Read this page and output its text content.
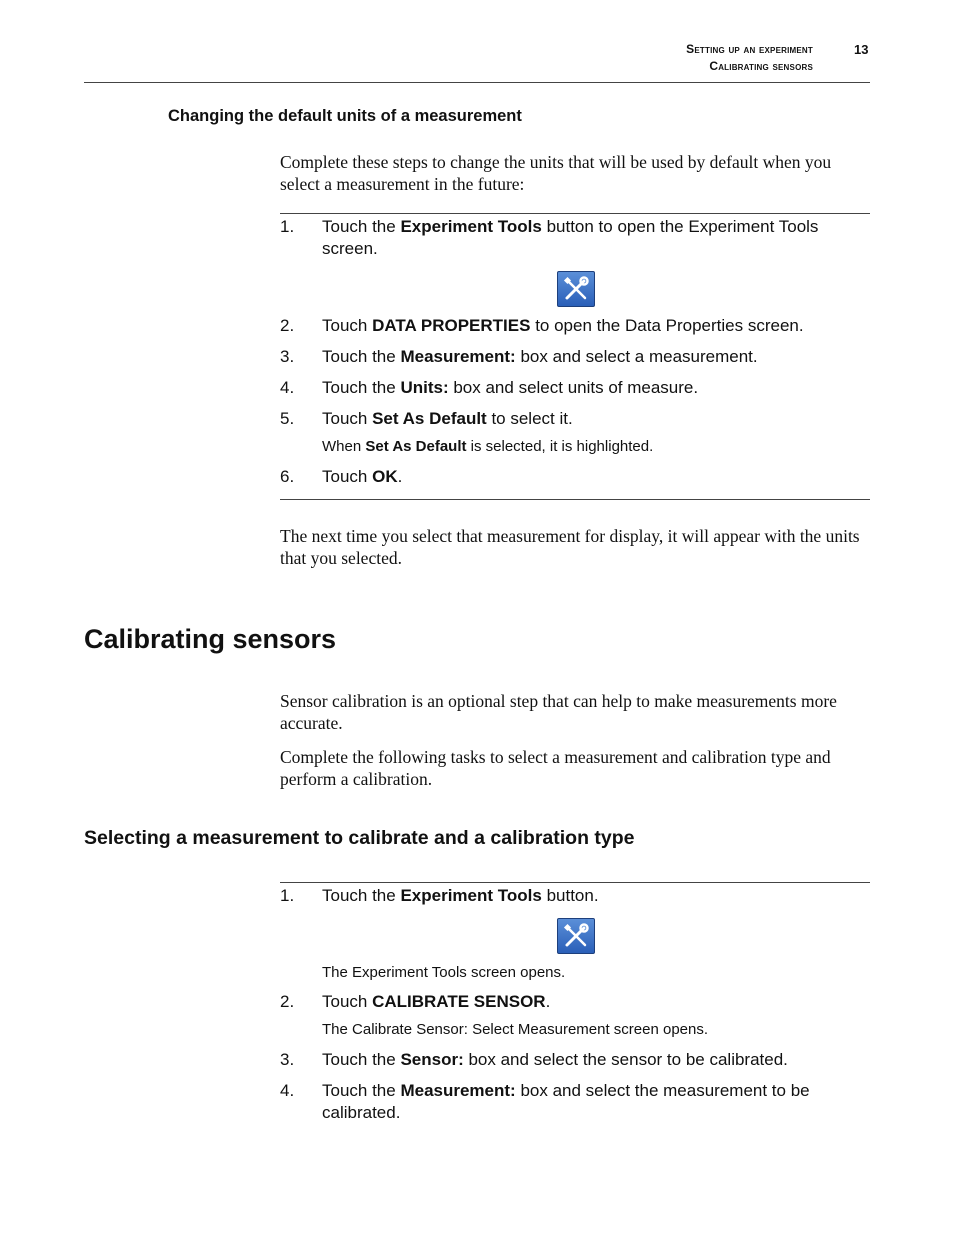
Setting up an experiment
Calibrating sensors
13
Changing the default units of a measurement
Complete these steps to change the units that will be used by default when you select a measurement in the future:
1. Touch the Experiment Tools button to open the Experiment Tools screen.
2. Touch DATA PROPERTIES to open the Data Properties screen.
3. Touch the Measurement: box and select a measurement.
4. Touch the Units: box and select units of measure.
5. Touch Set As Default to select it.
When Set As Default is selected, it is highlighted.
6. Touch OK.
The next time you select that measurement for display, it will appear with the units that you selected.
Calibrating sensors
Sensor calibration is an optional step that can help to make measurements more accurate.
Complete the following tasks to select a measurement and calibration type and perform a calibration.
Selecting a measurement to calibrate and a calibration type
1. Touch the Experiment Tools button.
The Experiment Tools screen opens.
2. Touch CALIBRATE SENSOR.
The Calibrate Sensor: Select Measurement screen opens.
3. Touch the Sensor: box and select the sensor to be calibrated.
4. Touch the Measurement: box and select the measurement to be calibrated.
